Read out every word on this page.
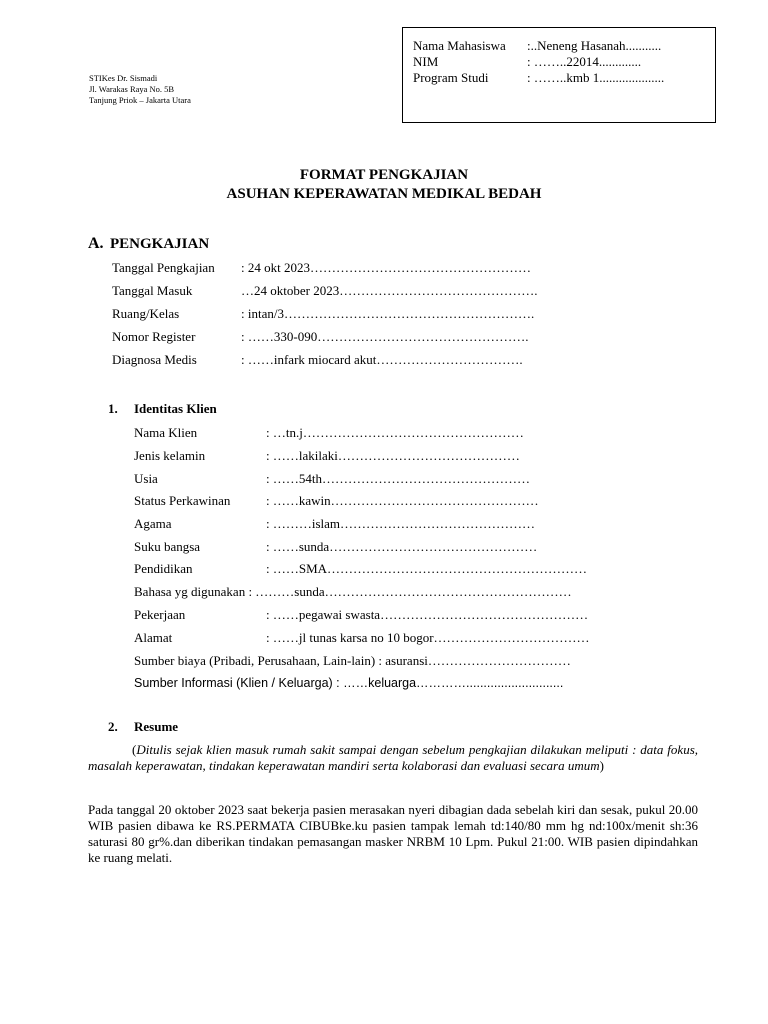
STIKes Dr. Sismadi
Jl. Warakas Raya No. 5B
Tanjung Priok – Jakarta Utara
Nama Mahasiswa :..Neneng Hasanah...........
NIM	: ……..22014.............
Program Studi	: ……..kmb 1....................
FORMAT PENGKAJIAN
ASUHAN KEPERAWATAN MEDIKAL BEDAH
A. PENGKAJIAN
Tanggal Pengkajian : 24 okt 2023……………………………………………
Tanggal Masuk	…24 oktober 2023……………………………………….
Ruang/Kelas	: intan/3………………………………………………….
Nomor Register	: ……330-090………………………………………….
Diagnosa Medis	: ……infark miocard akut…………………………….
1. Identitas Klien
Nama Klien	: …tn.j……………………………………………
Jenis kelamin	: ……lakilaki……………………………………
Usia	: ……54th…………………………………………
Status Perkawinan	: ……kawin…………………………………………
Agama	: ………islam………………………………………
Suku bangsa	: ……sunda…………………………………………
Pendidikan	: ……SMA……………………………………………………
Bahasa yg digunakan : ………sunda…………………………………………………
Pekerjaan	: ……pegawai swasta…………………………………………
Alamat	: ……jl tunas karsa no 10 bogor………………………………
Sumber biaya (Pribadi, Perusahaan, Lain-lain) : asuransi……………………………
Sumber Informasi (Klien / Keluarga) : ……keluarga…………............................
2. Resume
(Ditulis sejak klien masuk rumah sakit sampai dengan sebelum pengkajian dilakukan meliputi : data fokus, masalah keperawatan, tindakan keperawatan mandiri serta kolaborasi dan evaluasi secara umum)
Pada tanggal 20 oktober 2023 saat bekerja pasien merasakan nyeri dibagian dada sebelah kiri dan sesak, pukul 20.00 WIB pasien dibawa ke RS.PERMATA CIBUBke.ku pasien tampak lemah td:140/80 mm hg nd:100x/menit sh:36 saturasi 80 gr%.dan diberikan tindakan pemasangan masker NRBM 10 Lpm. Pukul 21:00. WIB pasien dipindahkan ke ruang melati.
